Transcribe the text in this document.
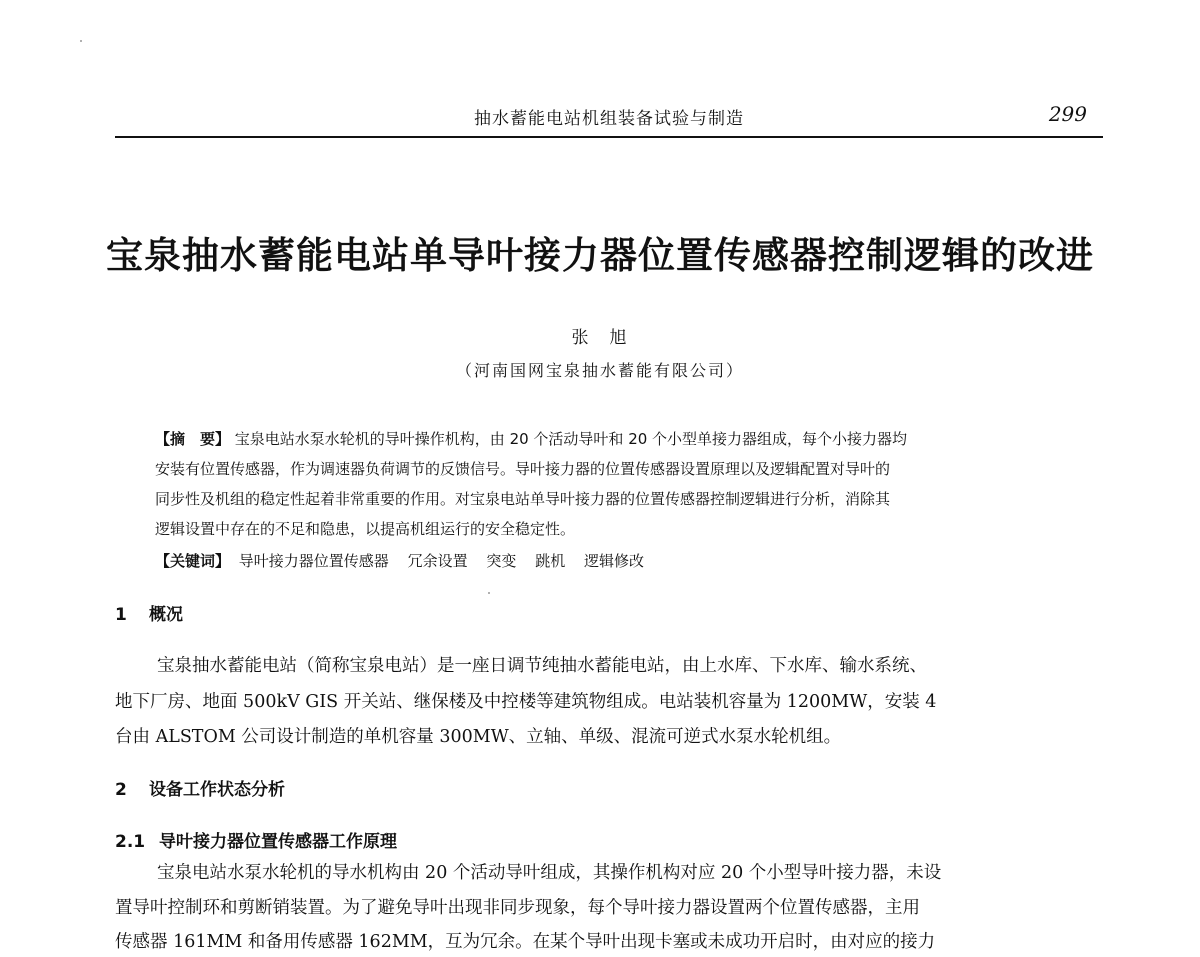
抽水蓄能电站机组装备试验与制造	299
宝泉抽水蓄能电站单导叶接力器位置传感器控制逻辑的改进
张　旭
（河南国网宝泉抽水蓄能有限公司）
【摘　要】 宝泉电站水泵水轮机的导叶操作机构，由 20 个活动导叶和 20 个小型单接力器组成，每个小接力器均
安装有位置传感器，作为调速器负荷调节的反馈信号。导叶接力器的位置传感器设置原理以及逻辑配置对导叶的
同步性及机组的稳定性起着非常重要的作用。对宝泉电站单导叶接力器的位置传感器控制逻辑进行分析，消除其
逻辑设置中存在的不足和隐患，以提高机组运行的安全稳定性。
【关键词】 导叶接力器位置传感器 冗余设置 突变 跳机 逻辑修改
1 概况
宝泉抽水蓄能电站（简称宝泉电站）是一座日调节纯抽水蓄能电站，由上水库、下水库、输水系统、
地下厂房、地面 500kV GIS 开关站、继保楼及中控楼等建筑物组成。电站装机容量为 1200MW，安装 4
台由 ALSTOM 公司设计制造的单机容量 300MW、立轴、单级、混流可逆式水泵水轮机组。
2 设备工作状态分析
2.1 导叶接力器位置传感器工作原理
宝泉电站水泵水轮机的导水机构由 20 个活动导叶组成，其操作机构对应 20 个小型导叶接力器，未设
置导叶控制环和剪断销装置。为了避免导叶出现非同步现象，每个导叶接力器设置两个位置传感器，主用
传感器 161MM 和备用传感器 162MM，互为冗余。在某个导叶出现卡塞或未成功开启时，由对应的接力
